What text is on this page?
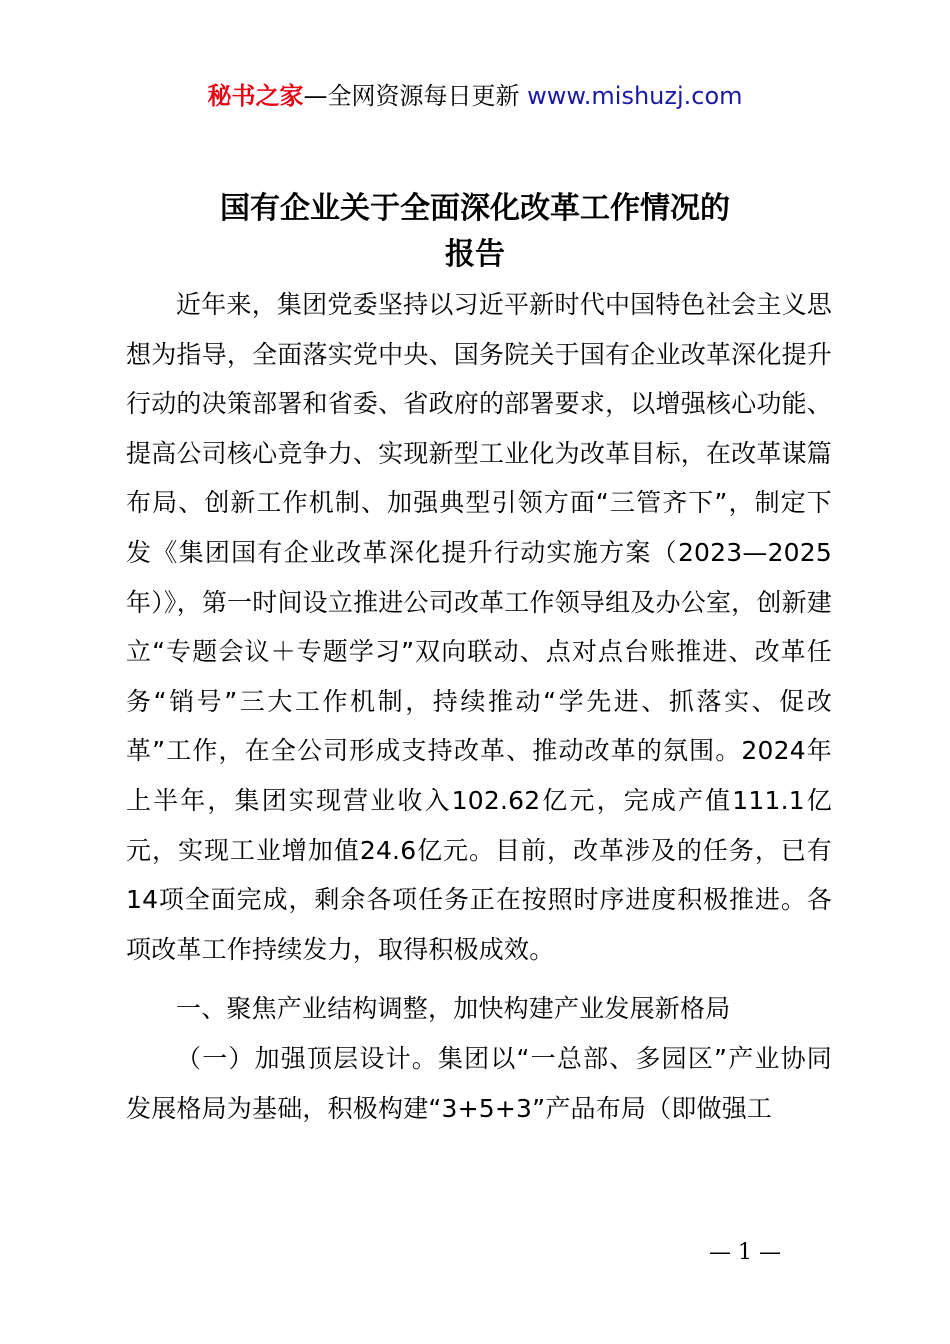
秘书之家—全网资源每日更新 www.mishuzj.com
国有企业关于全面深化改革工作情况的
报告

近年来，集团党委坚持以习近平新时代中国特色社会主义思想为指导，全面落实党中央、国务院关于国有企业改革深化提升行动的决策部署和省委、省政府的部署要求，以增强核心功能、提高公司核心竞争力、实现新型工业化为改革目标，在改革谋篇布局、创新工作机制、加强典型引领方面“三管齐下”，制定下发《集团国有企业改革深化提升行动实施方案（2023—2025年）》，第一时间设立推进公司改革工作领导组及办公室，创新建立“专题会议＋专题学习”双向联动、点对点台账推进、改革任务“销号”三大工作机制，持续推动“学先进、抓落实、促改革”工作，在全公司形成支持改革、推动改革的氛围。2024年上半年，集团实现营业收入102.62亿元，完成产值111.1亿元，实现工业增加值24.6亿元。目前，改革涉及的任务，已有14项全面完成，剩余各项任务正在按照时序进度积极推进。各项改革工作持续发力，取得积极成效。

一、聚焦产业结构调整，加快构建产业发展新格局

（一）加强顶层设计。集团以“一总部、多园区”产业协同发展格局为基础，积极构建“3+5+3”产品布局（即做强工

— 1 —
